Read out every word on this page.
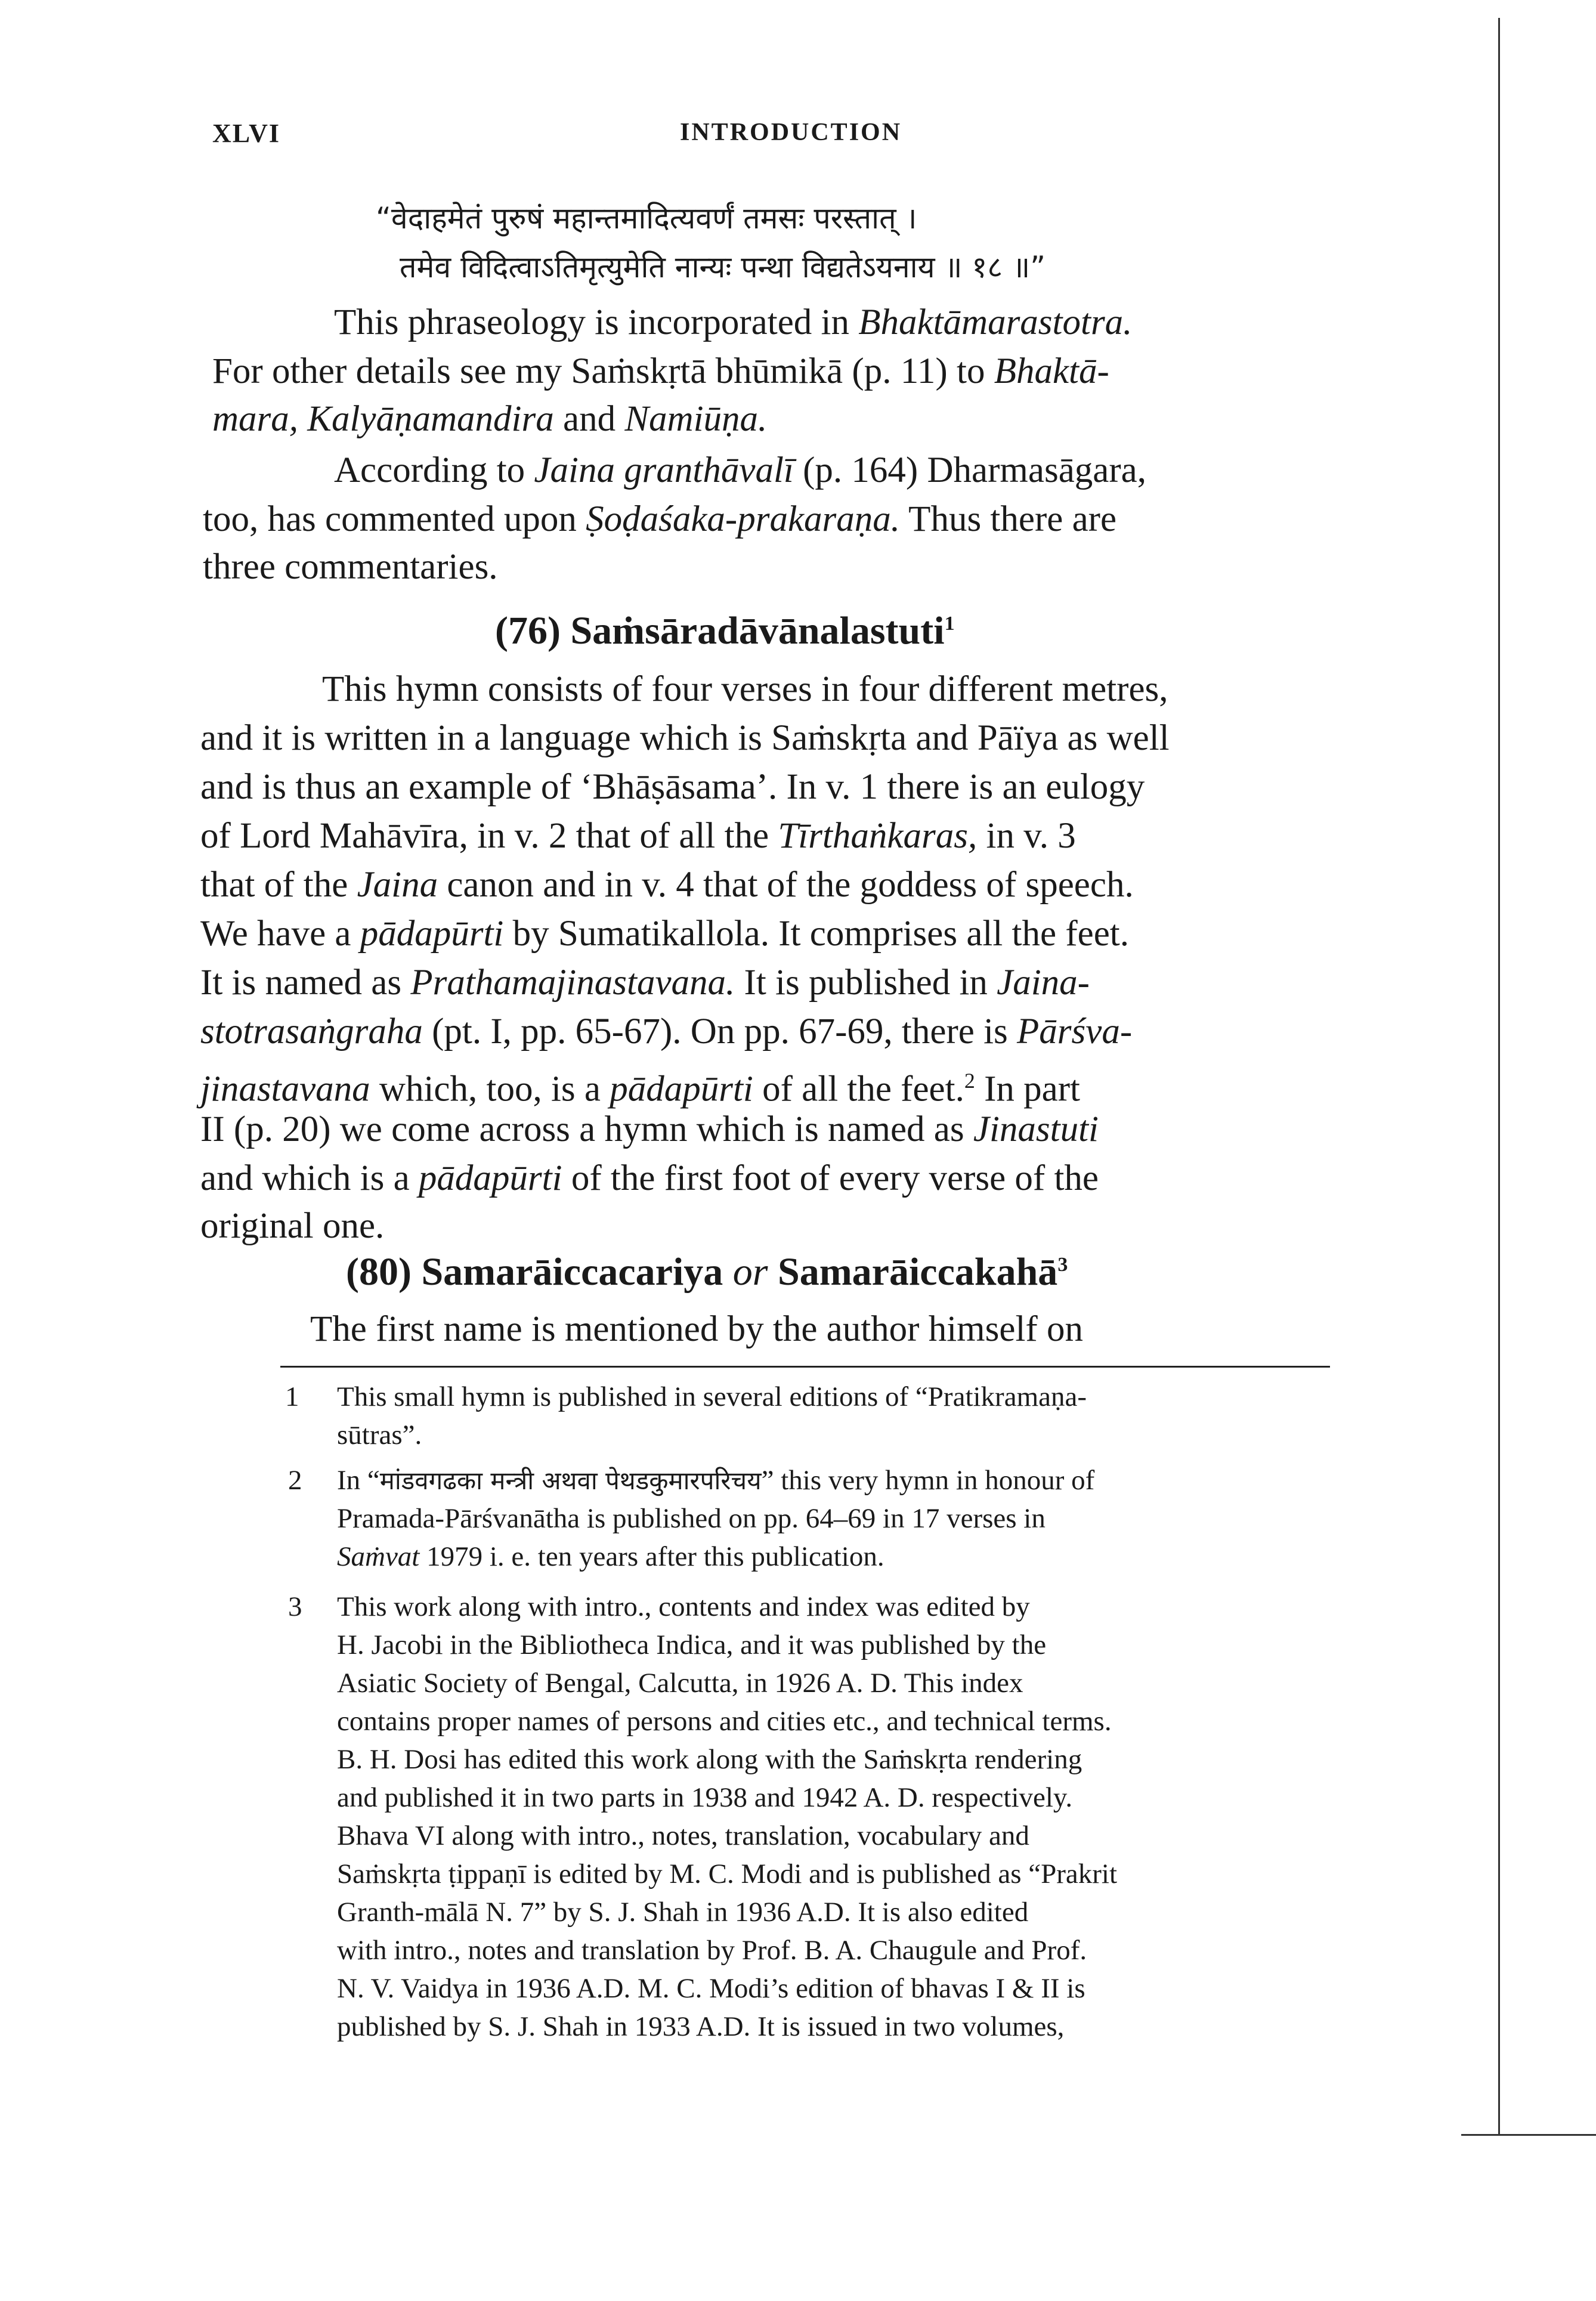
XLVI	INTRODUCTION
“वेदाहमेतं पुरुषं महान्तमादित्यवर्णं तमसः परस्तात् ।
तमेव विदित्वाऽतिमृत्युमेति नान्यः पन्था विद्यतेऽयनाय ॥ १८ ॥”
This phraseology is incorporated in Bhaktāmarastotra.
For other details see my Saṁskṛtā bhūmikā (p. 11) to Bhaktā-
mara, Kalyāṇamandira and Namiūṇa.
According to Jaina granthāvalī (p. 164) Dharmasāgara,
too, has commented upon Ṣoḍaśaka-prakaraṇa. Thus there are
three commentaries.
(76) Saṁsāradāvānalastuti$^1$
This hymn consists of four verses in four different metres,
and it is written in a language which is Saṁskṛta and Pāïya as well
and is thus an example of ‘Bhāṣāsama’. In v. 1 there is an eulogy
of Lord Mahāvīra, in v. 2 that of all the Tīrthaṅkaras, in v. 3
that of the Jaina canon and in v. 4 that of the goddess of speech.
We have a pādapūrti by Sumatikallola. It comprises all the feet.
It is named as Prathamajinastavana. It is published in Jaina-
stotrasaṅgraha (pt. I, pp. 65-67). On pp. 67-69, there is Pārśva-
jinastavana which, too, is a pādapūrti of all the feet.$^2$ In part
II (p. 20) we come across a hymn which is named as Jinastuti
and which is a pādapūrti of the first foot of every verse of the
original one.
(80) Samarāiccacariya or Samarāiccakahā$^3$
The first name is mentioned by the author himself on
1 This small hymn is published in several editions of “Pratikramaṇa-
sūtras”.
2 In “मांडवगढका मन्त्री अथवा पेथडकुमारपरिचय” this very hymn in honour of
Pramada-Pārśvanātha is published on pp. 64–69 in 17 verses in
Saṁvat 1979 i. e. ten years after this publication.
3 This work along with intro., contents and index was edited by
H. Jacobi in the Bibliotheca Indica, and it was published by the
Asiatic Society of Bengal, Calcutta, in 1926 A. D. This index
contains proper names of persons and cities etc., and technical terms.
B. H. Dosi has edited this work along with the Saṁskṛta rendering
and published it in two parts in 1938 and 1942 A. D. respectively.
Bhava VI along with intro., notes, translation, vocabulary and
Saṁskṛta ṭippaṇī is edited by M. C. Modi and is published as “Prakrit
Granth-mālā N. 7” by S. J. Shah in 1936 A.D. It is also edited
with intro., notes and translation by Prof. B. A. Chaugule and Prof.
N. V. Vaidya in 1936 A.D. M. C. Modi’s edition of bhavas I & II is
published by S. J. Shah in 1933 A.D. It is issued in two volumes,
